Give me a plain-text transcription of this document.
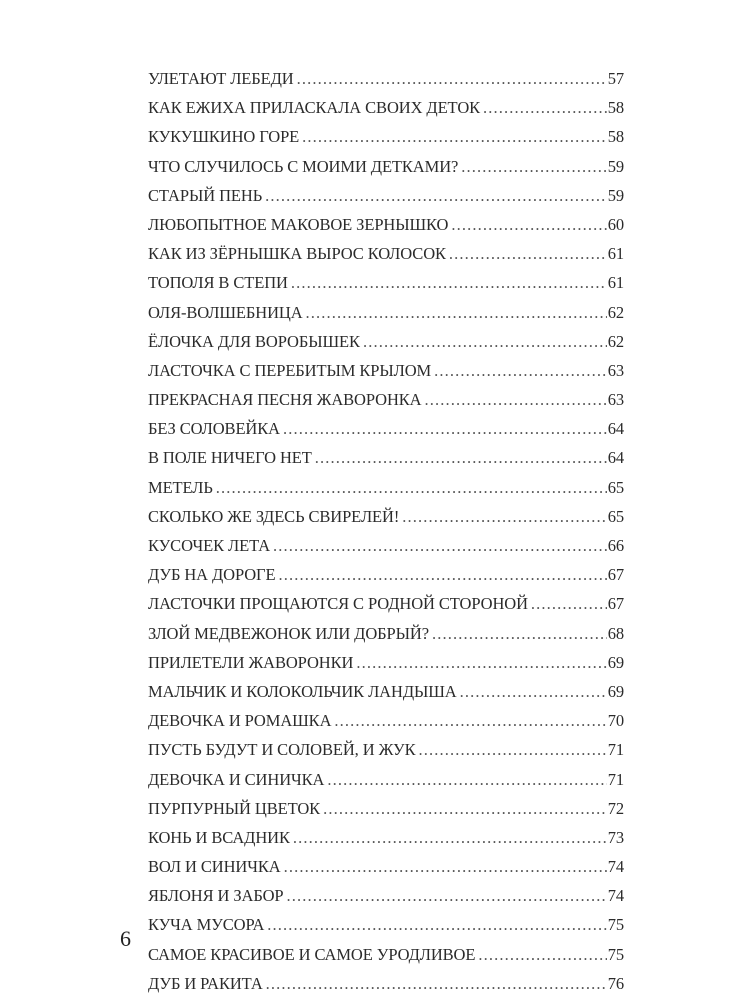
УЛЕТАЮТ ЛЕБЕДИ . . .	57
КАК ЕЖИХА ПРИЛАСКАЛА СВОИХ ДЕТОК . . .	58
КУКУШКИНО ГОРЕ . . .	58
ЧТО СЛУЧИЛОСЬ С МОИМИ ДЕТКАМИ? . . .	59
СТАРЫЙ ПЕНЬ . . .	59
ЛЮБОПЫТНОЕ МАКОВОЕ ЗЕРНЫШКО . . .	60
КАК ИЗ ЗЁРНЫШКА ВЫРОС КОЛОСОК . . .	61
ТОПОЛЯ В СТЕПИ . . .	61
ОЛЯ-ВОЛШЕБНИЦА . . .	62
ЁЛОЧКА ДЛЯ ВОРОБЫШЕК . . .	62
ЛАСТОЧКА С ПЕРЕБИТЫМ КРЫЛОМ . . .	63
ПРЕКРАСНАЯ ПЕСНЯ ЖАВОРОНКА . . .	63
БЕЗ СОЛОВЕЙКА . . .	64
В ПОЛЕ НИЧЕГО НЕТ . . .	64
МЕТЕЛЬ . . .	65
СКОЛЬКО ЖЕ ЗДЕСЬ СВИРЕЛЕЙ! . . .	65
КУСОЧЕК ЛЕТА . . .	66
ДУБ НА ДОРОГЕ . . .	67
ЛАСТОЧКИ ПРОЩАЮТСЯ С РОДНОЙ СТОРОНОЙ . . .	67
ЗЛОЙ МЕДВЕЖОНОК ИЛИ ДОБРЫЙ? . . .	68
ПРИЛЕТЕЛИ ЖАВОРОНКИ . . .	69
МАЛЬЧИК И КОЛОКОЛЬЧИК ЛАНДЫША . . .	69
ДЕВОЧКА И РОМАШКА . . .	70
ПУСТЬ БУДУТ И СОЛОВЕЙ, И ЖУК . . .	71
ДЕВОЧКА И СИНИЧКА . . .	71
ПУРПУРНЫЙ ЦВЕТОК . . .	72
КОНЬ И ВСАДНИК . . .	73
ВОЛ И СИНИЧКА . . .	74
ЯБЛОНЯ И ЗАБОР . . .	74
КУЧА МУСОРА . . .	75
САМОЕ КРАСИВОЕ И САМОЕ УРОДЛИВОЕ . . .	75
ДУБ И РАКИТА . . .	76
6
